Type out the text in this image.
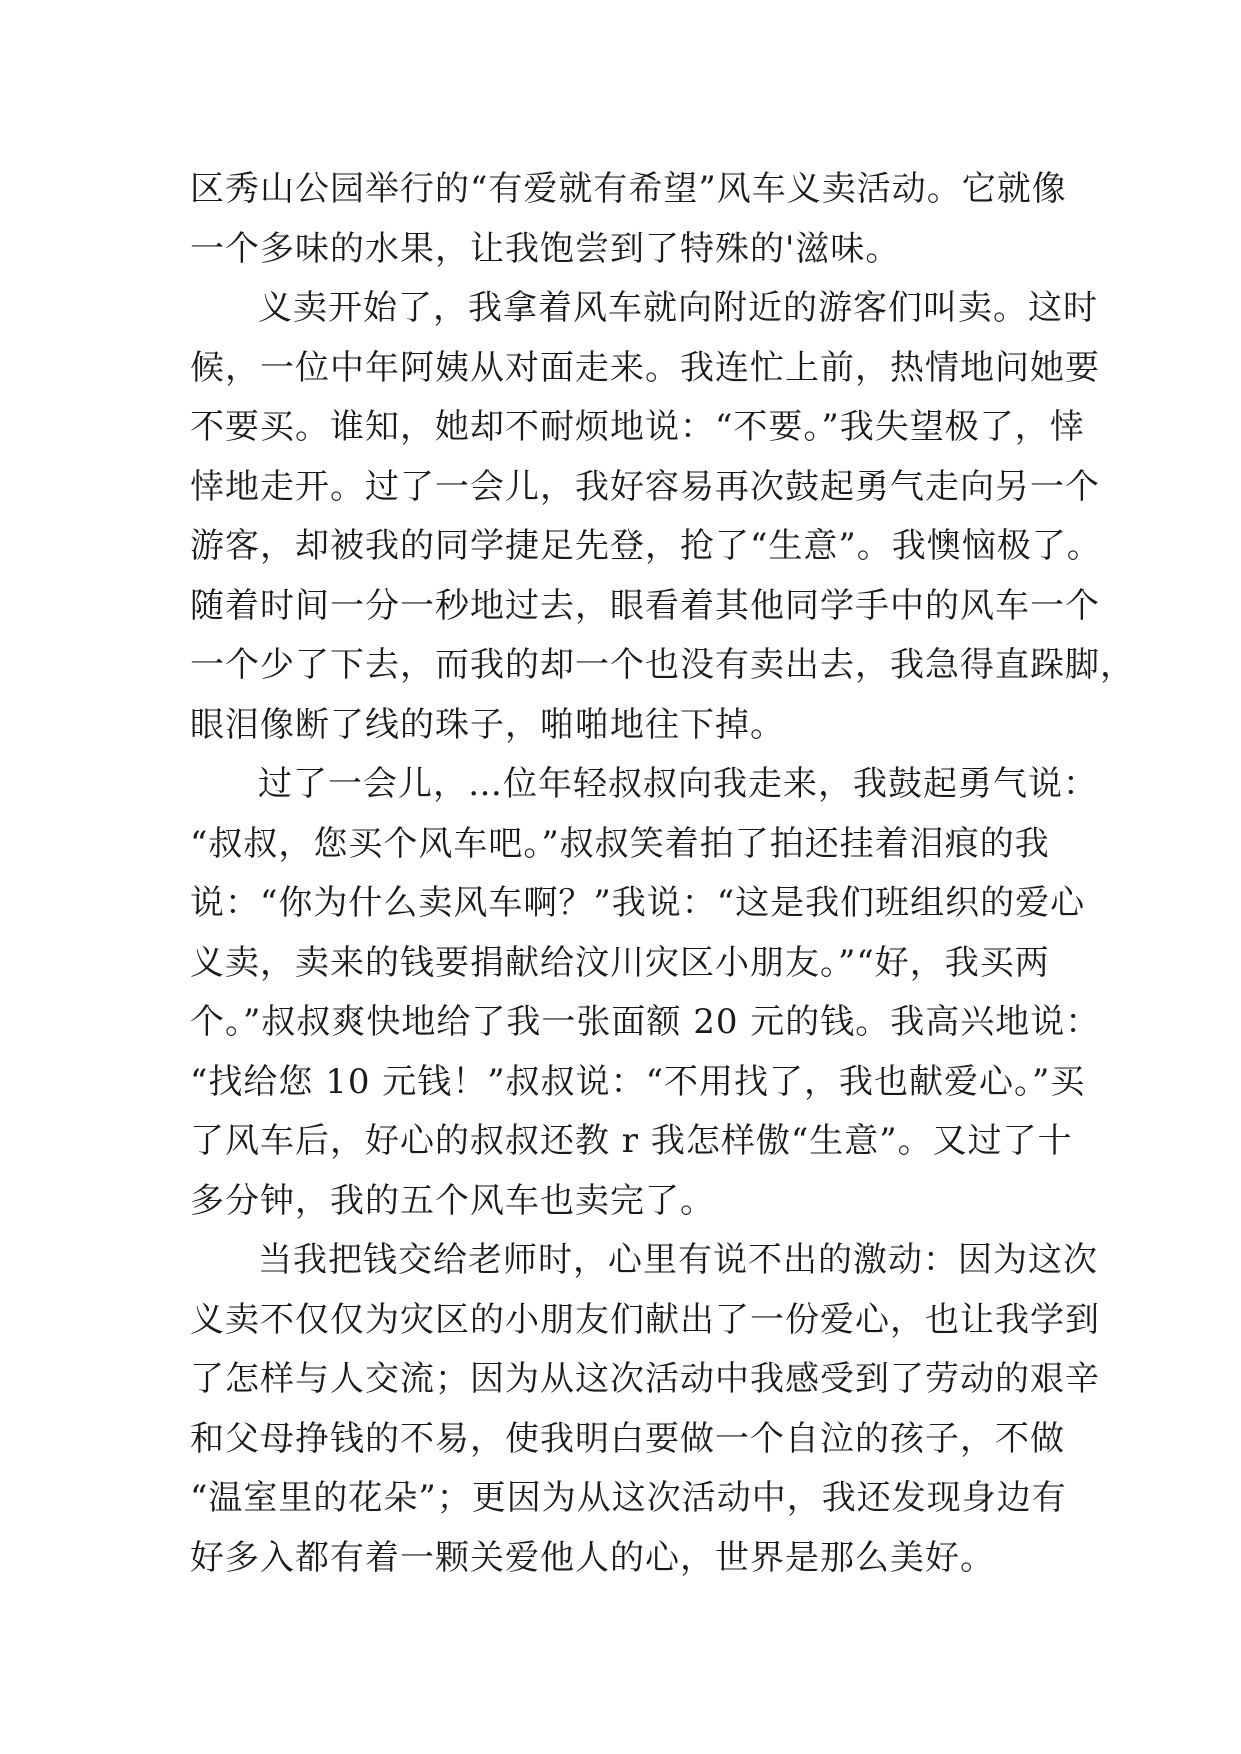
区秀山公园举行的“有爱就有希望”风车义卖活动。它就像
一个多味的水果，让我饱尝到了特殊的'滋味。
义卖开始了，我拿着风车就向附近的游客们叫卖。这时
候，一位中年阿姨从对面走来。我连忙上前，热情地问她要
不要买。谁知，她却不耐烦地说：“不要。”我失望极了，悻
悻地走开。过了一会儿，我好容易再次鼓起勇气走向另一个
游客，却被我的同学捷足先登，抢了“生意”。我懊恼极了。
随着时间一分一秒地过去，眼看着其他同学手中的风车一个
一个少了下去，而我的却一个也没有卖出去，我急得直跺脚，
眼泪像断了线的珠子，啪啪地往下掉。
过了一会儿，…位年轻叔叔向我走来，我鼓起勇气说：
“叔叔，您买个风车吧。”叔叔笑着拍了拍还挂着泪痕的我
说：“你为什么卖风车啊？”我说：“这是我们班组织的爱心
义卖，卖来的钱要捐献给汶川灾区小朋友。”“好，我买两
个。”叔叔爽快地给了我一张面额 20 元的钱。我高兴地说：
“找给您 10 元钱！”叔叔说：“不用找了，我也献爱心。”买
了风车后，好心的叔叔还教 r 我怎样傲“生意”。又过了十
多分钟，我的五个风车也卖完了。
当我把钱交给老师时，心里有说不出的激动：因为这次
义卖不仅仅为灾区的小朋友们献出了一份爱心，也让我学到
了怎样与人交流；因为从这次活动中我感受到了劳动的艰辛
和父母挣钱的不易，使我明白要做一个自泣的孩子，不做
“温室里的花朵”；更因为从这次活动中，我还发现身边有
好多入都有着一颗关爱他人的心，世界是那么美好。
